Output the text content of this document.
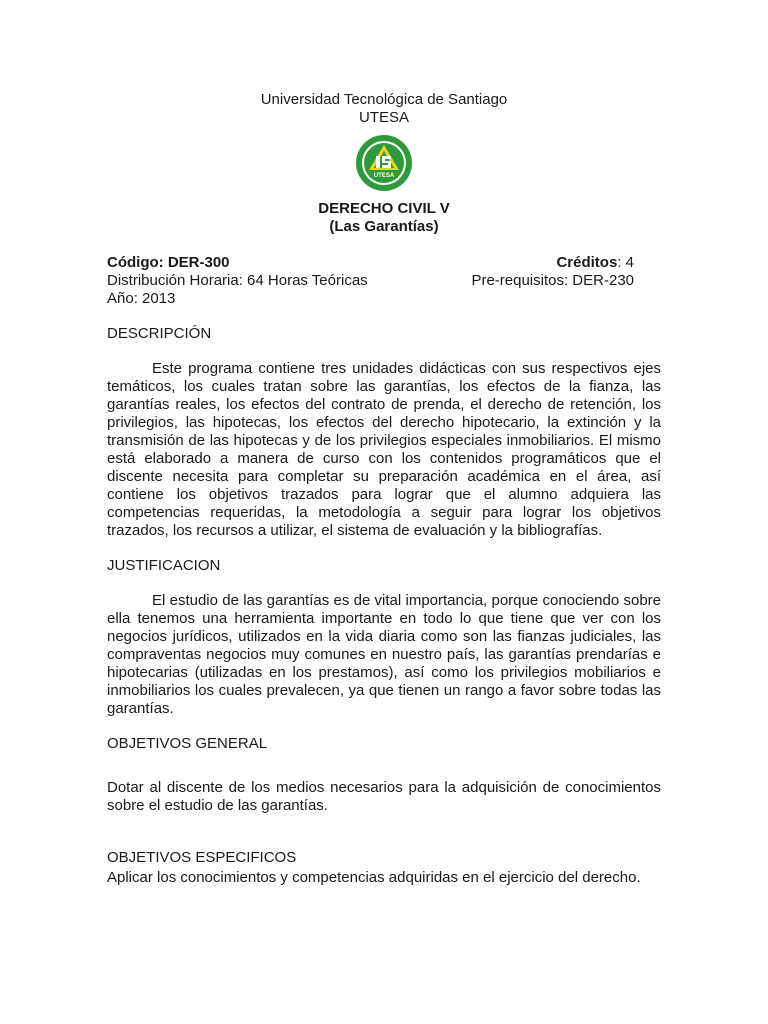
Universidad Tecnológica de Santiago

UTESA

UTESA
DERECHO CIVIL V
(Las Garantías)
Código: DER-300	Créditos: 4
Distribución Horaria: 64 Horas Teóricas	Pre-requisitos: DER-230
Año: 2013
DESCRIPCIÓN

Este programa contiene tres unidades didácticas con sus respectivos ejes temáticos, los cuales tratan sobre las garantías, los efectos de la fianza, las garantías reales, los efectos del contrato de prenda, el derecho de retención, los privilegios, las hipotecas, los efectos del derecho hipotecario, la extinción y la transmisión de las hipotecas y de los privilegios especiales inmobiliarios. El mismo está elaborado a manera de curso con los contenidos programáticos que el discente necesita para completar su preparación académica en el área, así contiene los objetivos trazados para lograr que el alumno adquiera las competencias requeridas, la metodología a seguir para lograr los objetivos trazados, los recursos a utilizar, el sistema de evaluación y la bibliografías.

JUSTIFICACION

El estudio de las garantías es de vital importancia, porque conociendo sobre ella tenemos una herramienta importante en todo lo que tiene que ver con los negocios jurídicos, utilizados en la vida diaria como son las fianzas judiciales, las compraventas negocios muy comunes en nuestro país, las garantías prendarías e hipotecarias (utilizadas en los prestamos), así como los privilegios mobiliarios e inmobiliarios los cuales prevalecen, ya que tienen un rango a favor sobre todas las garantías.

OBJETIVOS GENERAL

Dotar al discente de los medios necesarios para la adquisición de conocimientos sobre el estudio de las garantías.

OBJETIVOS ESPECIFICOS

Aplicar los conocimientos y competencias adquiridas en el ejercicio del derecho.
